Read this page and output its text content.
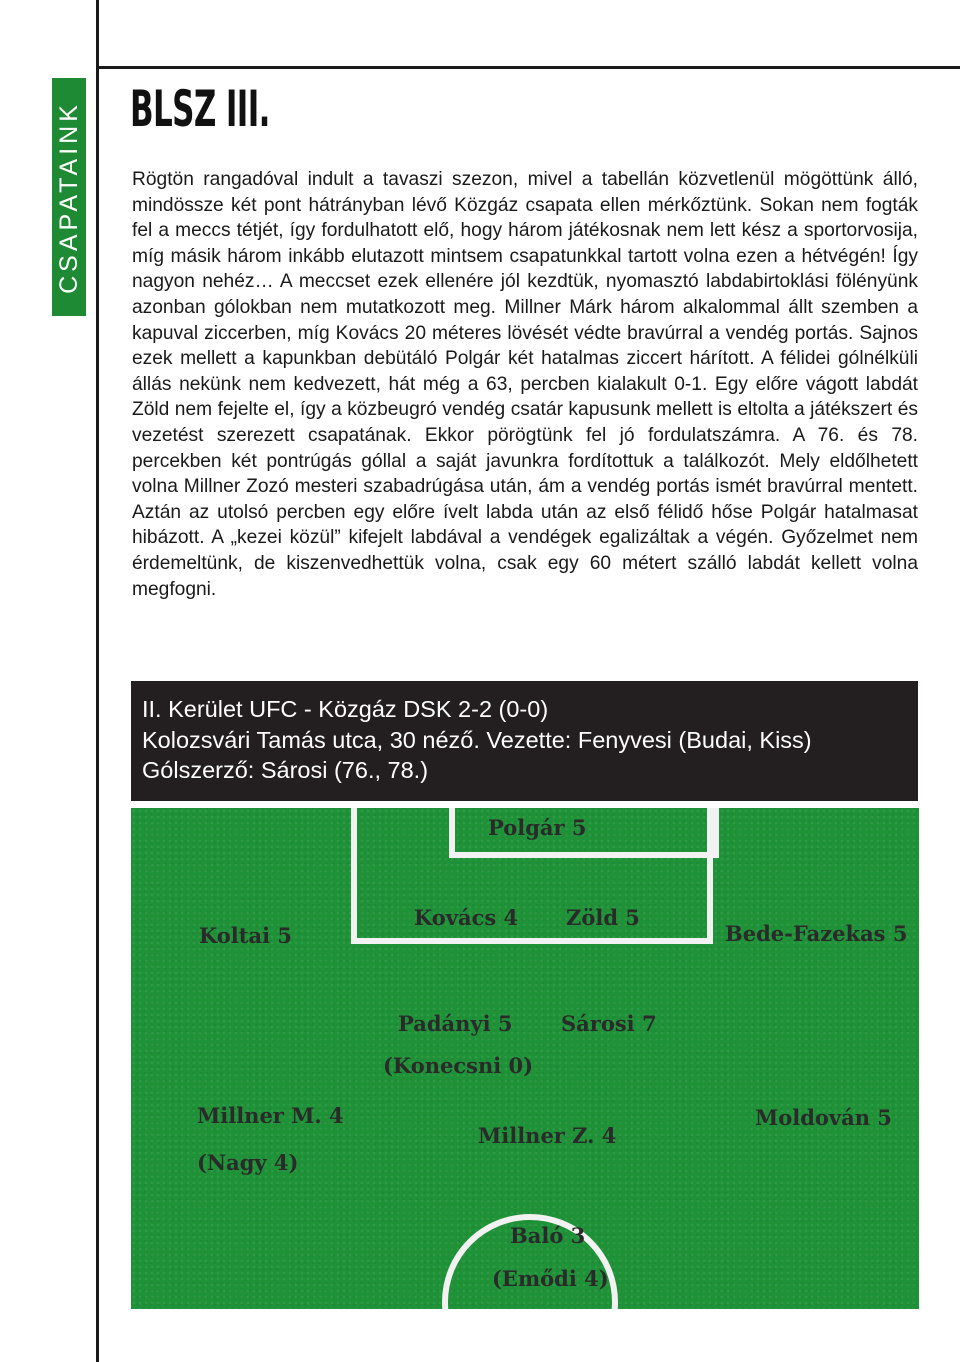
CSAPATAINK BLSZ III.

Rögtön rangadóval indult a tavaszi szezon, mivel a tabellán közvetlenül mögöttünk álló, mindössze két pont hátrányban lévő Közgáz csapata ellen mérkőztünk. Sokan nem fogták fel a meccs tétjét, így fordulhatott elő, hogy három játékosnak nem lett kész a sportorvosija, míg másik három inkább elutazott mintsem csapatunkkal tartott volna ezen a hétvégén! Így nagyon nehéz… A meccset ezek ellenére jól kezdtük, nyomasztó labdabirtoklási fölényünk azonban gólokban nem mutatkozott meg. Millner Márk három alkalommal állt szemben a kapuval ziccerben, míg Kovács 20 méteres lövését védte bravúrral a vendég portás. Sajnos ezek mellett a kapunkban debütáló Polgár két hatalmas ziccert hárított. A félidei gólnélküli állás nekünk nem kedvezett, hát még a 63, percben kialakult 0-1. Egy előre vágott labdát Zöld nem fejelte el, így a közbeugró vendég csatár kapusunk mellett is eltolta a játékszert és vezetést szerezett csapatának. Ekkor pörögtünk fel jó fordulatszámra. A 76. és 78. percekben két pontrúgás góllal a saját javunkra fordítottuk a találkozót. Mely eldőlhetett volna Millner Zozó mesteri szabadrúgása után, ám a vendég portás ismét bravúrral mentett. Aztán az utolsó percben egy előre ívelt labda után az első félidő hőse Polgár hatalmasat hibázott. A „kezei közül” kifejelt labdával a vendégek egalizáltak a végén. Győzelmet nem érdemeltünk, de kiszenvedhettük volna, csak egy 60 métert szálló labdát kellett volna megfogni.

II. Kerület UFC - Közgáz DSK 2-2 (0-0)
Kolozsvári Tamás utca, 30 néző. Vezette: Fenyvesi (Budai, Kiss)
Gólszerző: Sárosi (76., 78.)
Polgár 5
Koltai 5
Kovács 4 Zöld 5
Bede-Fazekas 5
Padányi 5 Sárosi 7
(Konecsni 0)
Millner M. 4	Moldován 5
Millner Z. 4
(Nagy 4)
Baló 3
(Emődi 4)
